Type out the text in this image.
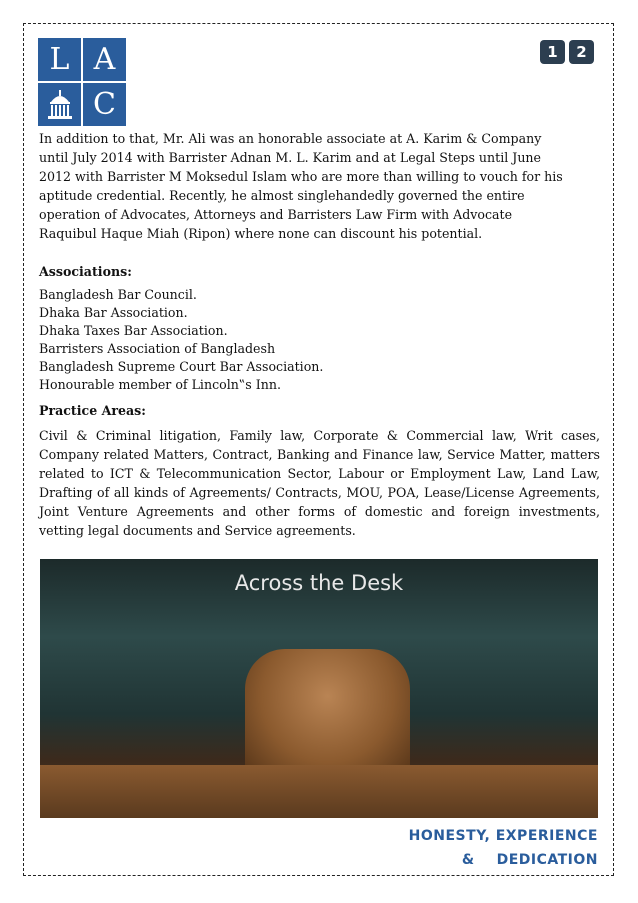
L A
C
1	2
In addition to that, Mr. Ali was an honorable associate at A. Karim & Company
until July 2014 with Barrister Adnan M. L. Karim and at Legal Steps until June
2012 with Barrister M Moksedul Islam who are more than willing to vouch for his
aptitude credential. Recently, he almost singlehandedly governed the entire
operation of Advocates, Attorneys and Barristers Law Firm with Advocate
Raquibul Haque Miah (Ripon) where none can discount his potential.
Associations:
Bangladesh Bar Council.
Dhaka Bar Association.
Dhaka Taxes Bar Association.
Barristers Association of Bangladesh
Bangladesh Supreme Court Bar Association.
Honourable member of Lincoln‟s Inn.
Practice Areas:
Civil & Criminal litigation, Family law, Corporate & Commercial law, Writ cases, Company related Matters, Contract, Banking and Finance law, Service Matter, matters related to ICT & Telecommunication Sector, Labour or Employment Law, Land Law, Drafting of all kinds of Agreements/ Contracts, MOU, POA, Lease/License Agreements, Joint Venture Agreements and other forms of domestic and foreign investments, vetting legal documents and Service agreements.
Across the Desk
HONESTY, EXPERIENCE
& DEDICATION
